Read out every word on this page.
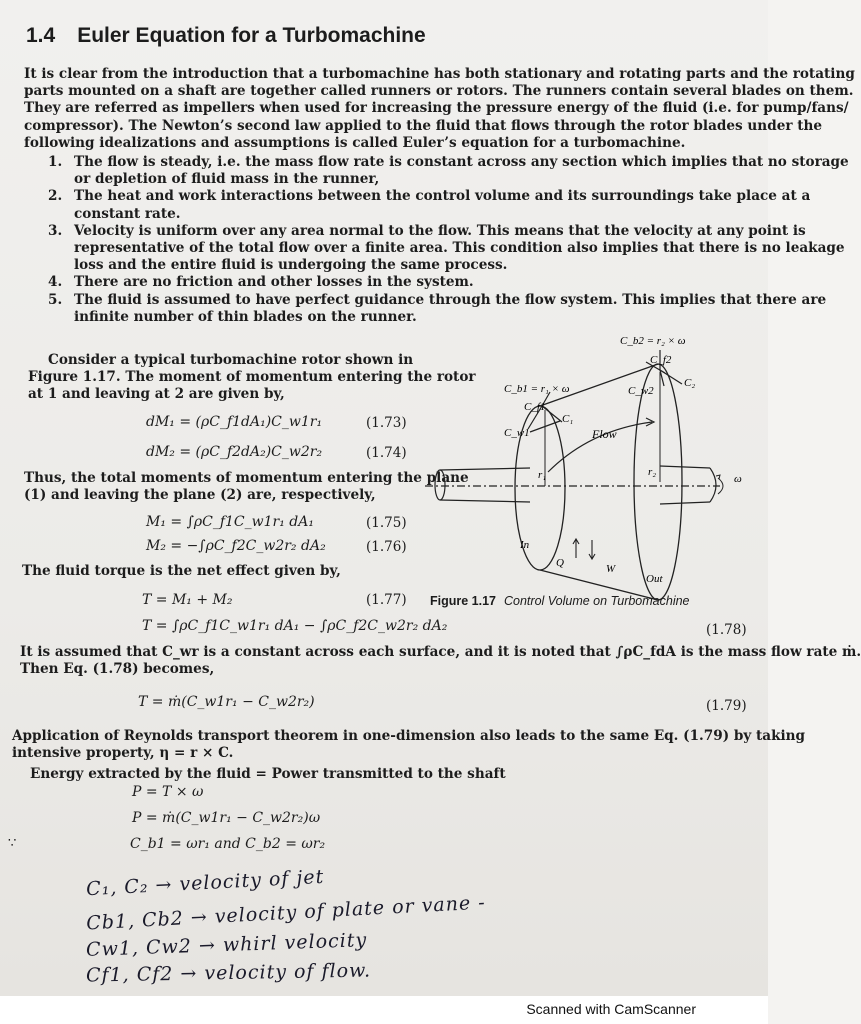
1.4 Euler Equation for a Turbomachine
It is clear from the introduction that a turbomachine has both stationary and rotating parts and the rotating
parts mounted on a shaft are together called runners or rotors. The runners contain several blades on them.
They are referred as impellers when used for increasing the pressure energy of the fluid (i.e. for pump/fans/
compressor). The Newton’s second law applied to the fluid that flows through the rotor blades under the
following idealizations and assumptions is called Euler’s equation for a turbomachine.
1. The flow is steady, i.e. the mass flow rate is constant across any section which implies that no storage
or depletion of fluid mass in the runner,
2. The heat and work interactions between the control volume and its surroundings take place at a
constant rate.
3. Velocity is uniform over any area normal to the flow. This means that the velocity at any point is
representative of the total flow over a finite area. This condition also implies that there is no leakage
loss and the entire fluid is undergoing the same process.
4. There are no friction and other losses in the system.
5. The fluid is assumed to have perfect guidance through the flow system. This implies that there are
infinite number of thin blades on the runner.
Consider a typical turbomachine rotor shown in
Figure 1.17. The moment of momentum entering the rotor
at 1 and leaving at 2 are given by,
dM₁ = (ρC_f1dA₁)C_w1r₁	(1.73)
dM₂ = (ρC_f2dA₂)C_w2r₂	(1.74)
Thus, the total moments of momentum entering the plane
(1) and leaving the plane (2) are, respectively,
M₁ = ∫ρC_f1C_w1r₁ dA₁	(1.75)
M₂ = −∫ρC_f2C_w2r₂ dA₂	(1.76)
The fluid torque is the net effect given by,
T = M₁ + M₂	(1.77)
C_b2 = r₂ × ω
C_f2
C_w2
C₂
C_b1 = r₁ × ω
C_f1
C_w1
C₁
Flow
r₁	r₂
ω
In
Q	W
Out
Figure 1.17 Control Volume on Turbomachine
T = ∫ρC_f1C_w1r₁ dA₁ − ∫ρC_f2C_w2r₂ dA₂	(1.78)
It is assumed that C_wr is a constant across each surface, and it is noted that ∫ρC_fdA is the mass flow rate ṁ.
Then Eq. (1.78) becomes,
T = ṁ(C_w1r₁ − C_w2r₂)	(1.79)
Application of Reynolds transport theorem in one-dimension also leads to the same Eq. (1.79) by taking
intensive property, η = r × C.
Energy extracted by the fluid = Power transmitted to the shaft
P = T × ω
P = ṁ(C_w1r₁ − C_w2r₂)ω
∵	C_b1 = ωr₁ and C_b2 = ωr₂
C₁, C₂ → velocity of jet
Cb1, Cb2 → velocity of plate or vane -
Cw1, Cw2 → whirl velocity
Cf1, Cf2 → velocity of flow.
Scanned with CamScanner
